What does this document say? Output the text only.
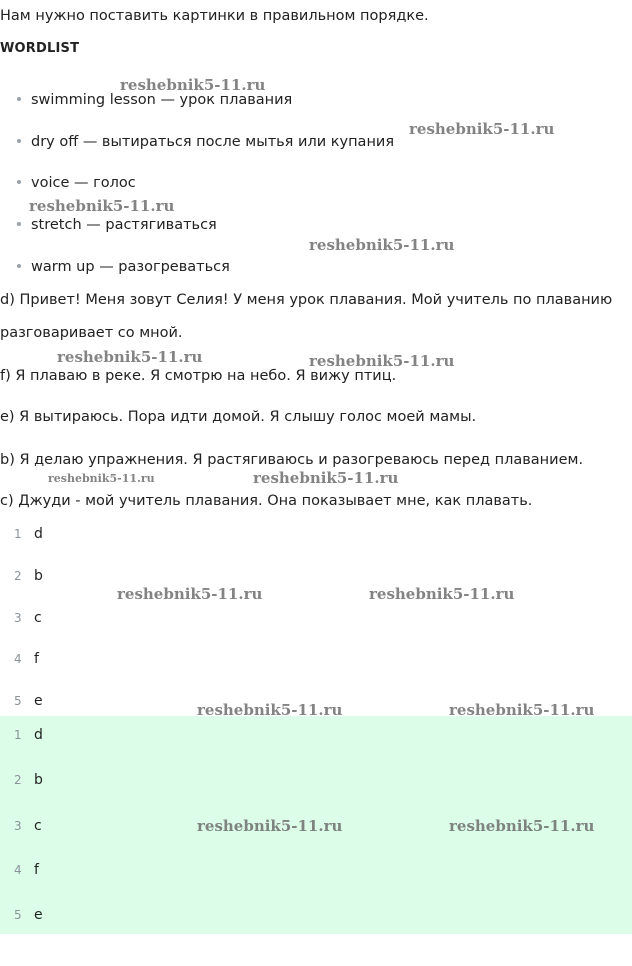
Нам нужно поставить картинки в правильном порядке.
WORDLIST
swimming lesson — урок плавания
dry off — вытираться после мытья или купания
voice — голос
stretch — растягиваться
warm up — разогреваться
d) Привет! Меня зовут Селия! У меня урок плавания. Мой учитель по плаванию
разговаривает со мной.
f) Я плаваю в реке. Я смотрю на небо. Я вижу птиц.
e) Я вытираюсь. Пора идти домой. Я слышу голос моей мамы.
b) Я делаю упражнения. Я растягиваюсь и разогреваюсь перед плаванием.
c) Джуди - мой учитель плавания. Она показывает мне, как плавать.
1 d
2 b
3 c
4 f
5 e
1 d
2 b
3 c
4 f
5 e
reshebnik5-11.ru
reshebnik5-11.ru
reshebnik5-11.ru
reshebnik5-11.ru
reshebnik5-11.ru	reshebnik5-11.ru
reshebnik5-11.ru	reshebnik5-11.ru
reshebnik5-11.ru	reshebnik5-11.ru
reshebnik5-11.ru	reshebnik5-11.ru
reshebnik5-11.ru	reshebnik5-11.ru
